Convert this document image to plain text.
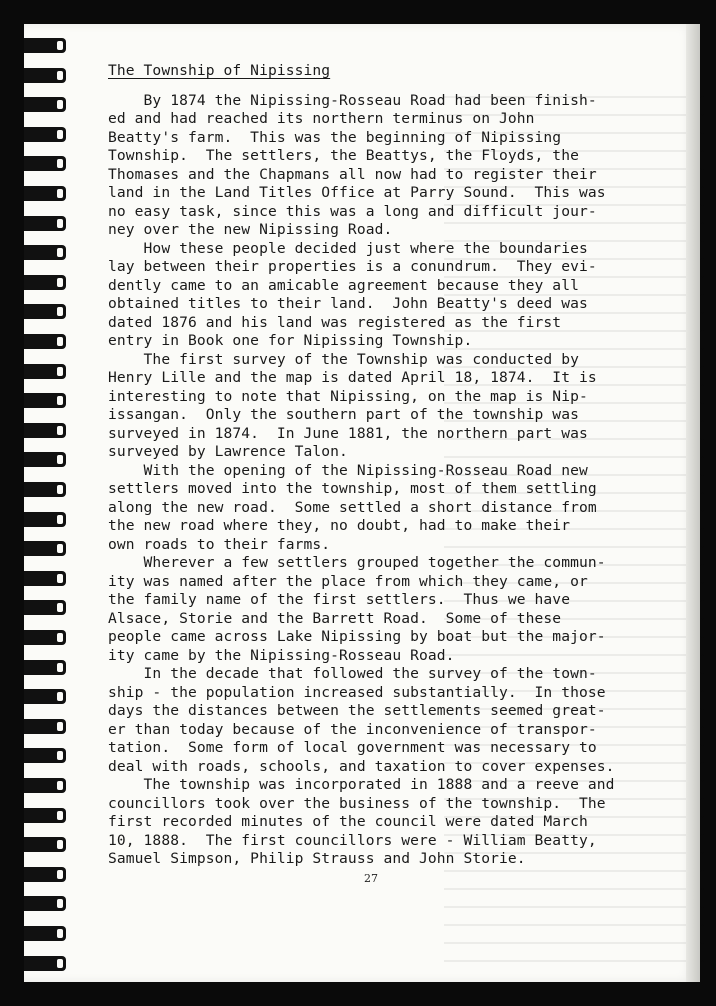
The Township of Nipissing
By 1874 the Nipissing-Rosseau Road had been finish-
ed and had reached its northern terminus on John
Beatty's farm.  This was the beginning of Nipissing
Township.  The settlers, the Beattys, the Floyds, the
Thomases and the Chapmans all now had to register their
land in the Land Titles Office at Parry Sound.  This was
no easy task, since this was a long and difficult jour-
ney over the new Nipissing Road.
How these people decided just where the boundaries
lay between their properties is a conundrum.  They evi-
dently came to an amicable agreement because they all
obtained titles to their land.  John Beatty's deed was
dated 1876 and his land was registered as the first
entry in Book one for Nipissing Township.
The first survey of the Township was conducted by
Henry Lille and the map is dated April 18, 1874.  It is
interesting to note that Nipissing, on the map is Nip-
issangan.  Only the southern part of the township was
surveyed in 1874.  In June 1881, the northern part was
surveyed by Lawrence Talon.
With the opening of the Nipissing-Rosseau Road new
settlers moved into the township, most of them settling
along the new road.  Some settled a short distance from
the new road where they, no doubt, had to make their
own roads to their farms.
Wherever a few settlers grouped together the commun-
ity was named after the place from which they came, or
the family name of the first settlers.  Thus we have
Alsace, Storie and the Barrett Road.  Some of these
people came across Lake Nipissing by boat but the major-
ity came by the Nipissing-Rosseau Road.
In the decade that followed the survey of the town-
ship - the population increased substantially.  In those
days the distances between the settlements seemed great-
er than today because of the inconvenience of transpor-
tation.  Some form of local government was necessary to
deal with roads, schools, and taxation to cover expenses.
The township was incorporated in 1888 and a reeve and
councillors took over the business of the township.  The
first recorded minutes of the council were dated March
10, 1888.  The first councillors were - William Beatty,
Samuel Simpson, Philip Strauss and John Storie.
27
